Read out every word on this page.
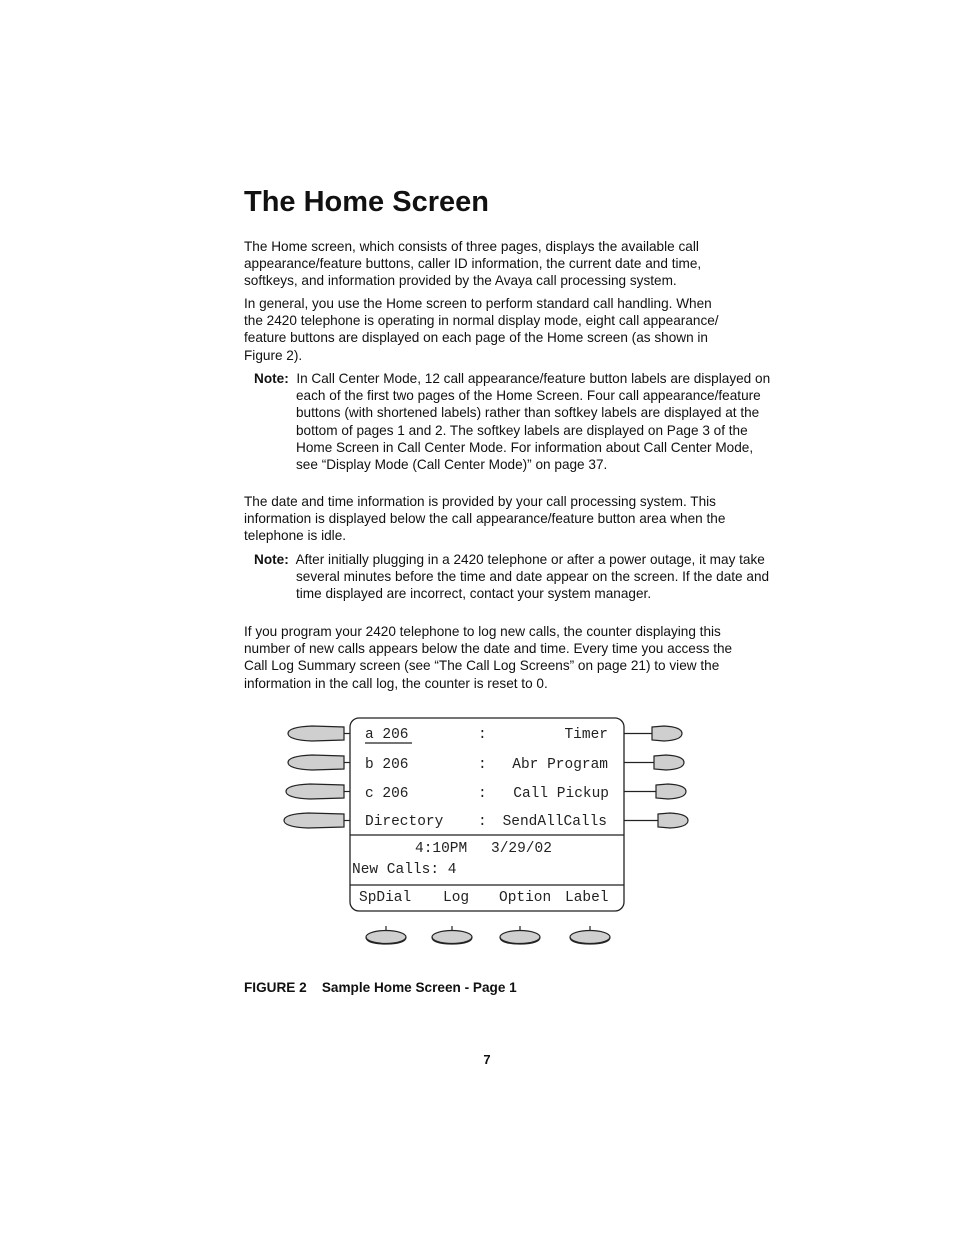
The Home Screen

The Home screen, which consists of three pages, displays the available call appearance/feature buttons, caller ID information, the current date and time, softkeys, and information provided by the Avaya call processing system.

In general, you use the Home screen to perform standard call handling. When the 2420 telephone is operating in normal display mode, eight call appearance/ feature buttons are displayed on each page of the Home screen (as shown in Figure 2).

Note: In Call Center Mode, 12 call appearance/feature button labels are displayed on each of the first two pages of the Home Screen. Four call appearance/feature buttons (with shortened labels) rather than softkey labels are displayed at the bottom of pages 1 and 2. The softkey labels are displayed on Page 3 of the Home Screen in Call Center Mode. For information about Call Center Mode, see “Display Mode (Call Center Mode)” on page 37.

The date and time information is provided by your call processing system. This information is displayed below the call appearance/feature button area when the telephone is idle.

Note: After initially plugging in a 2420 telephone or after a power outage, it may take several minutes before the time and date appear on the screen. If the date and time displayed are incorrect, contact your system manager.

If you program your 2420 telephone to log new calls, the counter displaying this number of new calls appears below the date and time. Every time you access the Call Log Summary screen (see “The Call Log Screens” on page 21) to view the information in the call log, the counter is reset to 0.

a 206	:	Timer
b 206	: Abr Program
c 206	: Call Pickup
Directory : SendAllCalls
4:10PM 3/29/02
New Calls: 4
SpDial Log Option Label
FIGURE 2 Sample Home Screen - Page 1
7
